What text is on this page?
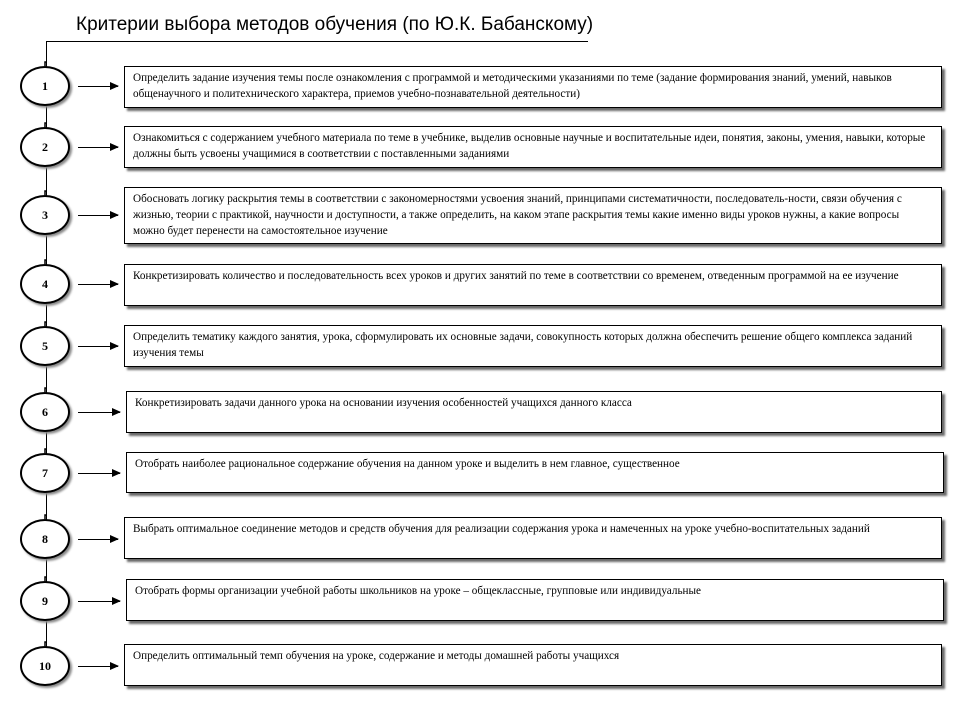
Критерии выбора методов обучения (по Ю.К. Бабанскому)
1
Определить задание изучения темы после ознакомления с программой и методическими указаниями по теме (задание формирования знаний, умений, навыков общенаучного и политехнического характера, приемов учебно-познавательной деятельности)
2
Ознакомиться с содержанием учебного материала по теме в учебнике, выделив основные научные и воспитательные идеи, понятия, законы, умения, навыки, которые должны быть усвоены учащимися в соответствии с поставленными заданиями
3
Обосновать логику раскрытия темы в соответствии с закономерностями усвоения знаний, принципами систематичности, последователь-ности, связи обучения с жизнью, теории с практикой, научности и доступности, а также определить, на каком этапе раскрытия темы какие именно виды уроков нужны, а какие вопросы можно будет перенести на самостоятельное изучение
4
Конкретизировать количество и последовательность всех уроков и других занятий по теме в соответствии со временем, отведенным программой на ее изучение
5
Определить тематику каждого занятия, урока, сформулировать их основные задачи, совокупность которых должна обеспечить решение общего комплекса заданий изучения темы
6
Конкретизировать задачи данного урока на основании изучения особенностей учащихся данного класса
7
Отобрать наиболее рациональное содержание обучения на данном уроке и выделить в нем главное, существенное
8
Выбрать оптимальное соединение методов и средств обучения для реализации содержания урока и намеченных на уроке учебно-воспитательных заданий
9
Отобрать формы организации учебной работы школьников на уроке – общеклассные, групповые или индивидуальные
10
Определить оптимальный темп обучения на уроке, содержание и методы домашней работы учащихся
